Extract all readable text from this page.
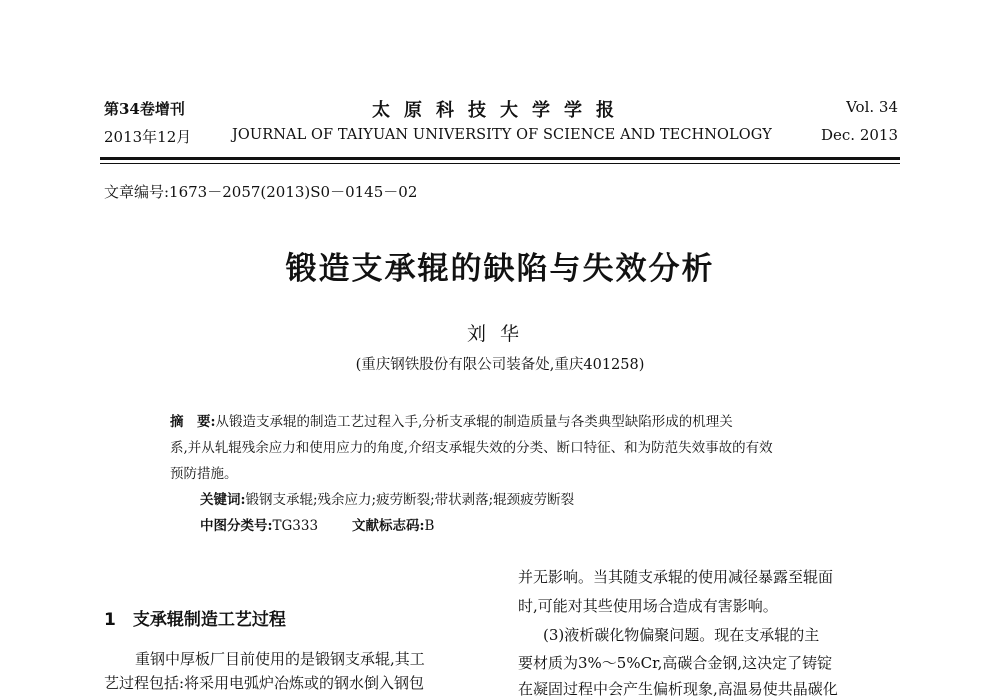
第34卷增刊
2013年12月
太原科技大学学报
JOURNAL OF TAIYUAN UNIVERSITY OF SCIENCE AND TECHNOLOGY
Vol. 34
Dec. 2013
文章编号:1673－2057(2013)S0－0145－02
锻造支承辊的缺陷与失效分析
刘华
(重庆钢铁股份有限公司装备处,重庆401258)
摘　要:从锻造支承辊的制造工艺过程入手,分析支承辊的制造质量与各类典型缺陷形成的机理关
系,并从轧辊残余应力和使用应力的角度,介绍支承辊失效的分类、断口特征、和为防范失效事故的有效
预防措施。
关键词:锻钢支承辊;残余应力;疲劳断裂;带状剥落;辊颈疲劳断裂
中图分类号:TG333	文献标志码:B
1　支承辊制造工艺过程
重钢中厚板厂目前使用的是锻钢支承辊,其工
艺过程包括:将采用电弧炉冶炼或的钢水倒入钢包
并无影响。当其随支承辊的使用减径暴露至辊面
时,可能对其些使用场合造成有害影响。
(3)液析碳化物偏聚问题。现在支承辊的主
要材质为3%～5%Cr,高碳合金钢,这决定了铸锭
在凝固过程中会产生偏析现象,高温易使共晶碳化
